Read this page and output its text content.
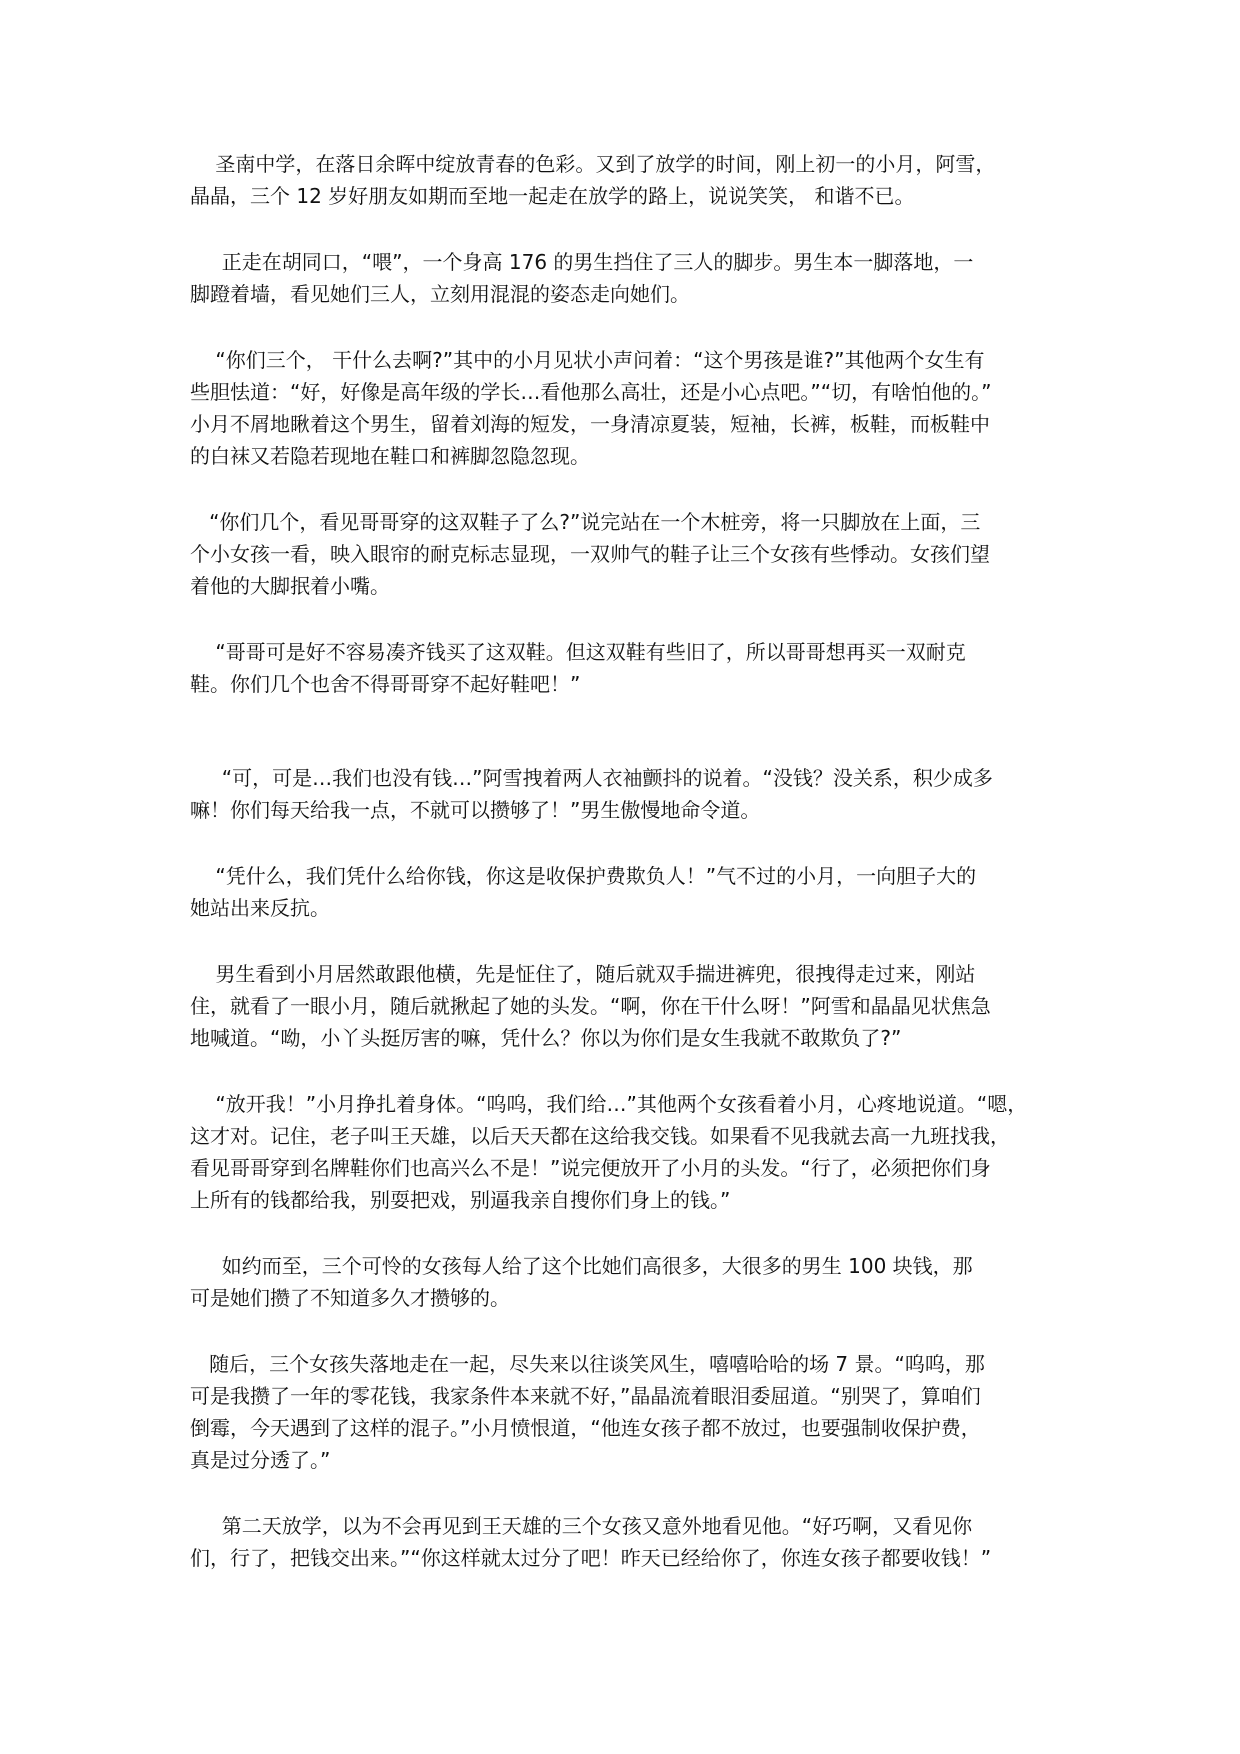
圣南中学，在落日余晖中绽放青春的色彩。又到了放学的时间，刚上初一的小月，阿雪，
晶晶，三个 12 岁好朋友如期而至地一起走在放学的路上，说说笑笑， 和谐不已。

正走在胡同口，“喂”，一个身高 176 的男生挡住了三人的脚步。男生本一脚落地，一
脚蹬着墙，看见她们三人，立刻用混混的姿态走向她们。

“你们三个， 干什么去啊?”其中的小月见状小声问着：“这个男孩是谁?”其他两个女生有
些胆怯道：“好，好像是高年级的学长…看他那么高壮，还是小心点吧。”“切，有啥怕他的。”
小月不屑地瞅着这个男生，留着刘海的短发，一身清凉夏装，短袖，长裤，板鞋，而板鞋中
的白袜又若隐若现地在鞋口和裤脚忽隐忽现。

“你们几个，看见哥哥穿的这双鞋子了么?”说完站在一个木桩旁，将一只脚放在上面，三
个小女孩一看，映入眼帘的耐克标志显现，一双帅气的鞋子让三个女孩有些悸动。女孩们望
着他的大脚抿着小嘴。

“哥哥可是好不容易凑齐钱买了这双鞋。但这双鞋有些旧了，所以哥哥想再买一双耐克
鞋。你们几个也舍不得哥哥穿不起好鞋吧！”

“可，可是…我们也没有钱…”阿雪拽着两人衣袖颤抖的说着。“没钱？没关系，积少成多
嘛！你们每天给我一点，不就可以攒够了！”男生傲慢地命令道。

“凭什么，我们凭什么给你钱，你这是收保护费欺负人！”气不过的小月，一向胆子大的
她站出来反抗。

男生看到小月居然敢跟他横，先是怔住了，随后就双手揣进裤兜，很拽得走过来，刚站
住，就看了一眼小月，随后就揪起了她的头发。“啊，你在干什么呀！”阿雪和晶晶见状焦急
地喊道。“呦，小丫头挺厉害的嘛，凭什么？你以为你们是女生我就不敢欺负了?”

“放开我！”小月挣扎着身体。“呜呜，我们给…”其他两个女孩看着小月，心疼地说道。“嗯，
这才对。记住，老子叫王天雄，以后天天都在这给我交钱。如果看不见我就去高一九班找我，
看见哥哥穿到名牌鞋你们也高兴么不是！”说完便放开了小月的头发。“行了，必须把你们身
上所有的钱都给我，别耍把戏，别逼我亲自搜你们身上的钱。”

如约而至，三个可怜的女孩每人给了这个比她们高很多，大很多的男生 100 块钱，那
可是她们攒了不知道多久才攒够的。

随后，三个女孩失落地走在一起，尽失来以往谈笑风生，嘻嘻哈哈的场 7 景。“呜呜，那
可是我攒了一年的零花钱，我家条件本来就不好，”晶晶流着眼泪委屈道。“别哭了，算咱们
倒霉，今天遇到了这样的混子。”小月愤恨道，“他连女孩子都不放过，也要强制收保护费，
真是过分透了。”

第二天放学，以为不会再见到王天雄的三个女孩又意外地看见他。“好巧啊，又看见你
们，行了，把钱交出来。”“你这样就太过分了吧！昨天已经给你了，你连女孩子都要收钱！”
